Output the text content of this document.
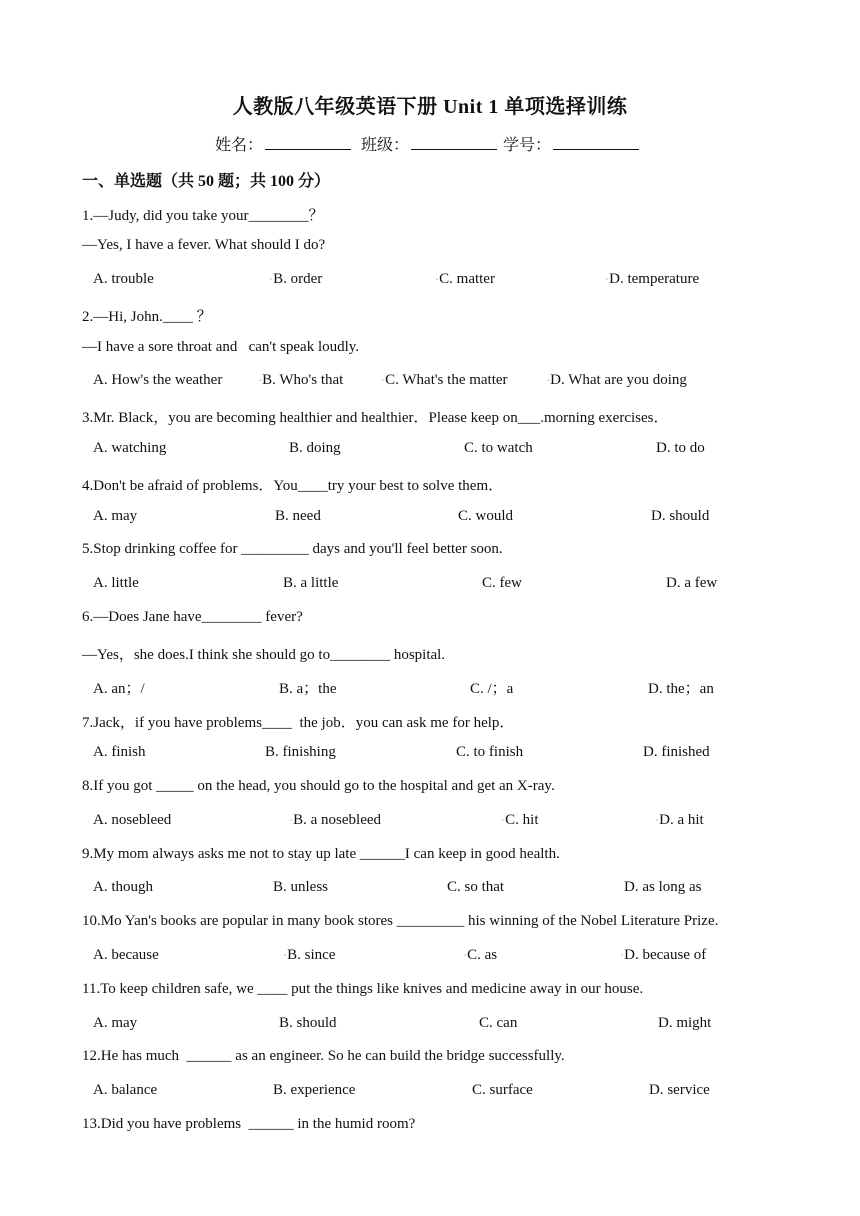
人教版八年级英语下册 Unit 1 单项选择训练
姓名：	班级：	学号：
一、单选题（共 50 题；共 100 分）
1.—Judy, did you take your________？
—Yes, I have a fever. What should I do?
A. trouble	▫B. order	▫C. matter	▫D. temperature
2.—Hi, John.____ ？
—I have a sore throat and   can't speak loudly.
A. How's the weather	▫B. Who's that	▫C. What's the matter	▫D. What are you doing
3.Mr. Black，you are becoming healthier and healthier．Please keep on___.morning exercises．
A. watching	B. doing	C. to watch	D. to do
4.Don't be afraid of problems．You____try your best to solve them．
A. may	B. need	C. would	D. should
5.Stop drinking coffee for _________ days and you'll feel better soon.
A. little	B. a little	C. few	D. a few
6.—Does Jane have________ fever?
—Yes，she does.I think she should go to________ hospital.
A. an；/	B. a；the	C. /；a	D. the；an
7.Jack，if you have problems____  the job．you can ask me for help．
A. finish	B. finishing	C. to finish	D. finished
8.If you got _____ on the head, you should go to the hospital and get an X-ray.
A. nosebleed	▫B. a nosebleed	▫C. hit	▫D. a hit
9.My mom always asks me not to stay up late ______I can keep in good health.
A. though	B. unless	C. so that	D. as long as
10.Mo Yan's books are popular in many book stores _________ his winning of the Nobel Literature Prize.
A. because	▫B. since	▫C. as	▫D. because of
11.To keep children safe, we ____ put the things like knives and medicine away in our house.
A. may	B. should	C. can	D. might
12.He has much  ______ as an engineer. So he can build the bridge successfully.
A. balance	B. experience	C. surface	D. service
13.Did you have problems  ______ in the humid room?
